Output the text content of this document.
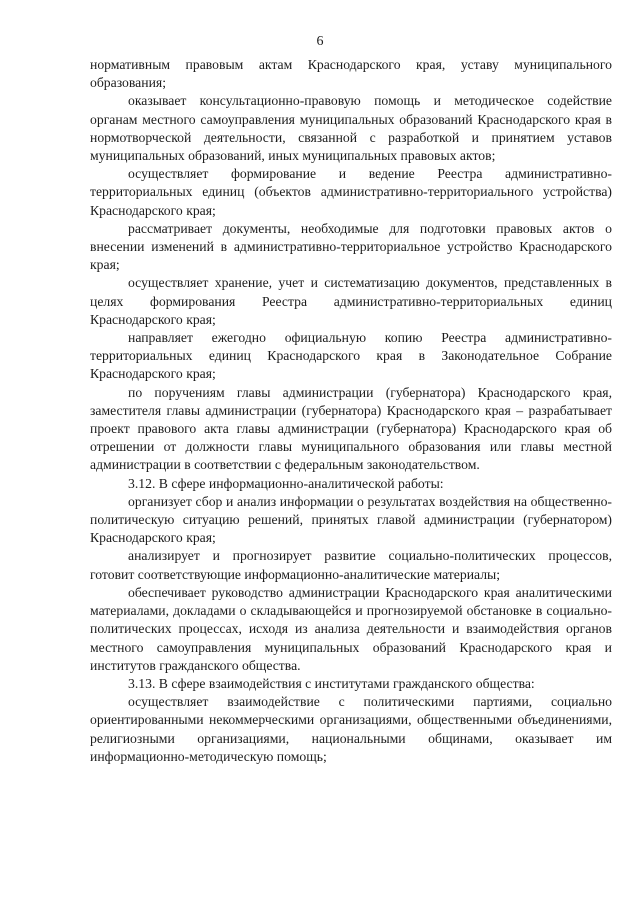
6

нормативным правовым актам Краснодарского края, уставу муниципального образования;

оказывает консультационно-правовую помощь и методическое содействие органам местного самоуправления муниципальных образований Краснодарского края в нормотворческой деятельности, связанной с разработкой и принятием уставов муниципальных образований, иных муниципальных правовых актов;

осуществляет формирование и ведение Реестра административно-территориальных единиц (объектов административно-территориального устройства) Краснодарского края;

рассматривает документы, необходимые для подготовки правовых актов о внесении изменений в административно-территориальное устройство Краснодарского края;

осуществляет хранение, учет и систематизацию документов, представленных в целях формирования Реестра административно-территориальных единиц Краснодарского края;

направляет ежегодно официальную копию Реестра административно-территориальных единиц Краснодарского края в Законодательное Собрание Краснодарского края;

по поручениям главы администрации (губернатора) Краснодарского края, заместителя главы администрации (губернатора) Краснодарского края – разрабатывает проект правового акта главы администрации (губернатора) Краснодарского края об отрешении от должности главы муниципального образования или главы местной администрации в соответствии с федеральным законодательством.

3.12. В сфере информационно-аналитической работы:

организует сбор и анализ информации о результатах воздействия на общественно-политическую ситуацию решений, принятых главой администрации (губернатором) Краснодарского края;

анализирует и прогнозирует развитие социально-политических процессов, готовит соответствующие информационно-аналитические материалы;

обеспечивает руководство администрации Краснодарского края аналитическими материалами, докладами о складывающейся и прогнозируемой обстановке в социально-политических процессах, исходя из анализа деятельности и взаимодействия органов местного самоуправления муниципальных образований Краснодарского края и институтов гражданского общества.

3.13. В сфере взаимодействия с институтами гражданского общества:

осуществляет взаимодействие с политическими партиями, социально ориентированными некоммерческими организациями, общественными объединениями, религиозными организациями, национальными общинами, оказывает им информационно-методическую помощь;
